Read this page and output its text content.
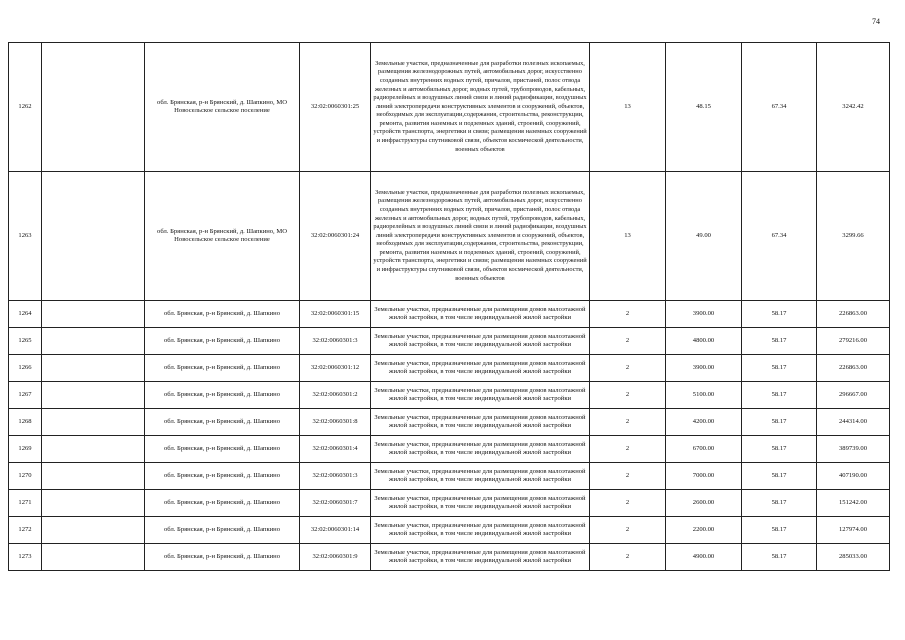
74
1262		обл. Брянская, р-н Брянский, д. Шапкино, МО Новосельское сельское поселение	32:02:0060301:25	Земельные участки, предназначенные для разработки полезных ископаемых, размещения железнодорожных путей, автомобильных дорог, искусственно созданных внутренних водных путей, причалов, пристаней, полос отвода железных и автомобильных дорог, водных путей, трубопроводов, кабельных, радиорелейных и воздушных линий связи и линий радиофикации, воздушных линий электропередачи конструктивных элементов и сооружений, объектов, необходимых для эксплуатации,содержания, строительства, реконструкции, ремонта, развития наземных и подземных зданий, строений, сооружений, устройств транспорта, энергетики и связи; размещения наземных сооружений и инфраструктуры спутниковой связи, объектов космической деятельности, военных объектов	13	48.15	67.34	3242.42
1263		обл. Брянская, р-н Брянский, д. Шапкино, МО Новосельское сельское поселение	32:02:0060301:24	Земельные участки, предназначенные для разработки полезных ископаемых, размещения железнодорожных путей, автомобильных дорог, искусственно созданных внутренних водных путей, причалов, пристаней, полос отвода железных и автомобильных дорог, водных путей, трубопроводов, кабельных, радиорелейных и воздушных линий связи и линий радиофикации, воздушных линий электропередачи конструктивных элементов и сооружений, объектов, необходимых для эксплуатации,содержания, строительства, реконструкции, ремонта, развития наземных и подземных зданий, строений, сооружений, устройств транспорта, энергетики и связи; размещения наземных сооружений и инфраструктуры спутниковой связи, объектов космической деятельности, военных объектов	13	49.00	67.34	3299.66
1264		обл. Брянская, р-н Брянский, д. Шапкино	32:02:0060301:15	Земельные участки, предназначенные для размещения домов малоэтажной жилой застройки, в том числе индивидуальной жилой застройки	2	3900.00	58.17	226863.00
1265		обл. Брянская, р-н Брянский, д. Шапкино	32:02:0060301:3	Земельные участки, предназначенные для размещения домов малоэтажной жилой застройки, в том числе индивидуальной жилой застройки	2	4800.00	58.17	279216.00
1266		обл. Брянская, р-н Брянский, д. Шапкино	32:02:0060301:12	Земельные участки, предназначенные для размещения домов малоэтажной жилой застройки, в том числе индивидуальной жилой застройки	2	3900.00	58.17	226863.00
1267		обл. Брянская, р-н Брянский, д. Шапкино	32:02:0060301:2	Земельные участки, предназначенные для размещения домов малоэтажной жилой застройки, в том числе индивидуальной жилой застройки	2	5100.00	58.17	296667.00
1268		обл. Брянская, р-н Брянский, д. Шапкино	32:02:0060301:8	Земельные участки, предназначенные для размещения домов малоэтажной жилой застройки, в том числе индивидуальной жилой застройки	2	4200.00	58.17	244314.00
1269		обл. Брянская, р-н Брянский, д. Шапкино	32:02:0060301:4	Земельные участки, предназначенные для размещения домов малоэтажной жилой застройки, в том числе индивидуальной жилой застройки	2	6700.00	58.17	389739.00
1270		обл. Брянская, р-н Брянский, д. Шапкино	32:02:0060301:3	Земельные участки, предназначенные для размещения домов малоэтажной жилой застройки, в том числе индивидуальной жилой застройки	2	7000.00	58.17	407190.00
1271		обл. Брянская, р-н Брянский, д. Шапкино	32:02:0060301:7	Земельные участки, предназначенные для размещения домов малоэтажной жилой застройки, в том числе индивидуальной жилой застройки	2	2600.00	58.17	151242.00
1272		обл. Брянская, р-н Брянский, д. Шапкино	32:02:0060301:14	Земельные участки, предназначенные для размещения домов малоэтажной жилой застройки, в том числе индивидуальной жилой застройки	2	2200.00	58.17	127974.00
1273		обл. Брянская, р-н Брянский, д. Шапкино	32:02:0060301:9	Земельные участки, предназначенные для размещения домов малоэтажной жилой застройки, в том числе индивидуальной жилой застройки	2	4900.00	58.17	285033.00
